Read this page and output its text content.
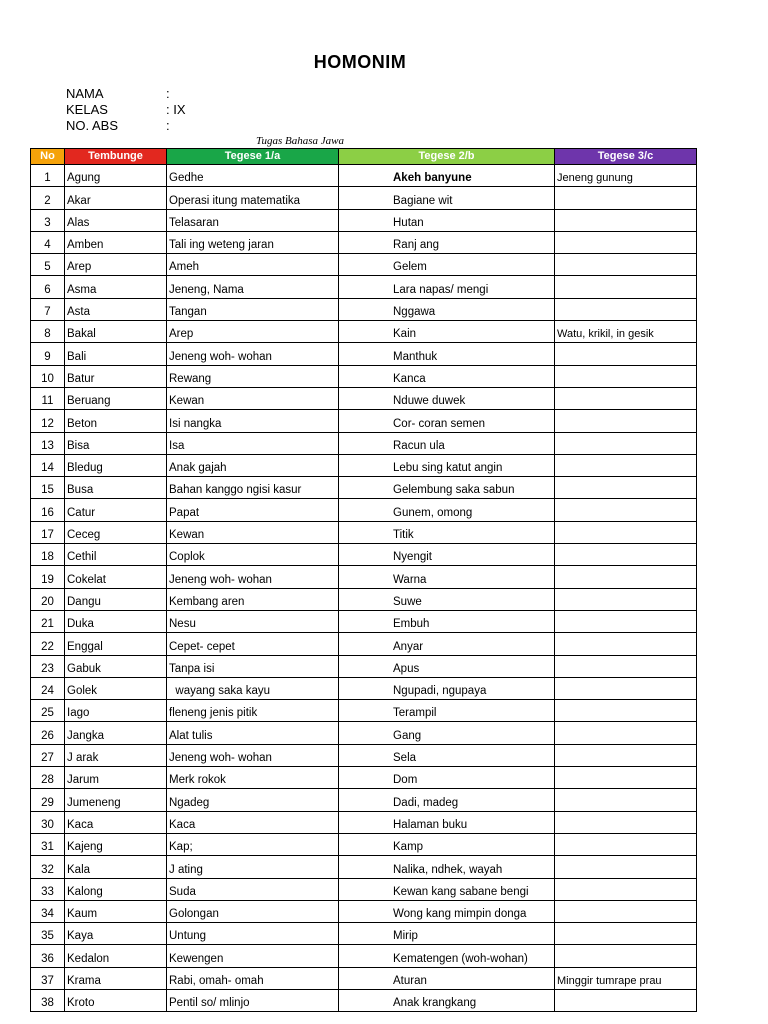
HOMONIM
NAMA	:
KELAS	: IX
NO. ABS	:
Tugas Bahasa Jawa
No	Tembunge	Tegese 1/a	Tegese 2/b	Tegese 3/c
1	Agung	Gedhe	Akeh banyune	Jeneng gunung
2	Akar	Operasi itung matematika	Bagiane wit	
3	Alas	Telasaran	Hutan	
4	Amben	Tali ing weteng jaran	Ranj ang	
5	Arep	Ameh	Gelem	
6	Asma	Jeneng, Nama	Lara napas/ mengi	
7	Asta	Tangan	Nggawa	
8	Bakal	Arep	Kain	Watu, krikil, in gesik
9	Bali	Jeneng woh- wohan	Manthuk	
10	Batur	Rewang	Kanca	
11	Beruang	Kewan	Nduwe duwek	
12	Beton	Isi nangka	Cor- coran semen	
13	Bisa	Isa	Racun ula	
14	Bledug	Anak gajah	Lebu sing katut angin	
15	Busa	Bahan kanggo ngisi kasur	Gelembung saka sabun	
16	Catur	Papat	Gunem, omong	
17	Ceceg	Kewan	Titik	
18	Cethil	Coplok	Nyengit	
19	Cokelat	Jeneng woh- wohan	Warna	
20	Dangu	Kembang aren	Suwe	
21	Duka	Nesu	Embuh	
22	Enggal	Cepet- cepet	Anyar	
23	Gabuk	Tanpa isi	Apus	
24	Golek	wayang saka kayu	Ngupadi, ngupaya	
25	Iago	fleneng jenis pitik	Terampil	
26	Jangka	Alat tulis	Gang	
27	J arak	Jeneng woh- wohan	Sela	
28	Jarum	Merk rokok	Dom	
29	Jumeneng	Ngadeg	Dadi, madeg	
30	Kaca	Kaca	Halaman buku	
31	Kajeng	Kap;	Kamp	
32	Kala	J ating	Nalika, ndhek, wayah	
33	Kalong	Suda	Kewan kang sabane bengi	
34	Kaum	Golongan	Wong kang mimpin donga	
35	Kaya	Untung	Mirip	
36	Kedalon	Kewengen	Kematengen (woh-wohan)	
37	Krama	Rabi, omah- omah	Aturan	Minggir tumrape prau
38	Kroto	Pentil so/ mlinjo	Anak krangkang	
